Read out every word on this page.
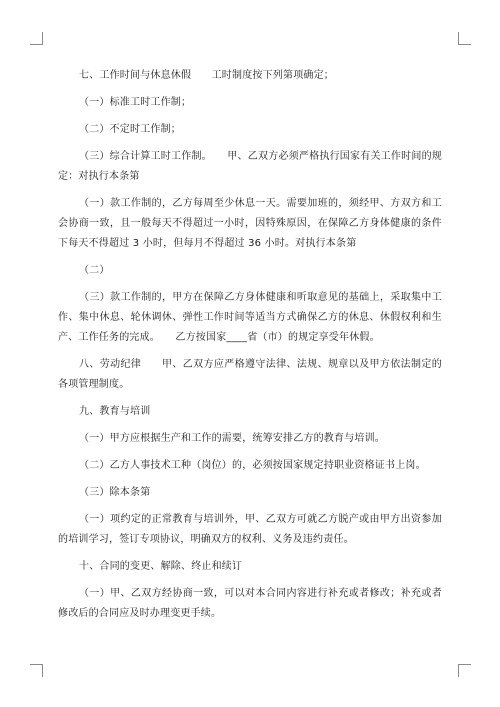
七、工作时间与休息休假　　工时制度按下列第项确定；

（一）标准工时工作制；

（二）不定时工作制；

（三）综合计算工时工作制。　　甲、乙双方必须严格执行国家有关工作时间的规定：对执行本条第

（一）款工作制的，乙方每周至少休息一天。需要加班的，须经甲、方双方和工会协商一致，且一般每天不得超过一小时，因特殊原因，在保障乙方身体健康的条件下每天不得超过 3 小时，但每月不得超过 36 小时。对执行本条第

（二）

（三）款工作制的，甲方在保障乙方身体健康和听取意见的基础上，采取集中工作、集中休息、轮休调休、弹性工作时间等适当方式确保乙方的休息、休假权利和生产、工作任务的完成。　　乙方按国家____省（市）的规定享受年休假。

八、劳动纪律　　甲、乙双方应严格遵守法律、法规、规章以及甲方依法制定的各项管理制度。

九、教育与培训

（一）甲方应根据生产和工作的需要，统筹安排乙方的教育与培训。

（二）乙方人事技术工种（岗位）的，必须按国家规定持职业资格证书上岗。

（三）除本条第

（一）项约定的正常教育与培训外，甲、乙双方可就乙方脱产或由甲方出资参加的培训学习，签订专项协议，明确双方的权利、义务及违约责任。

十、合同的变更、解除、终止和续订

（一）甲、乙双方经协商一致，可以对本合同内容进行补充或者修改；补充或者修改后的合同应及时办理变更手续。
